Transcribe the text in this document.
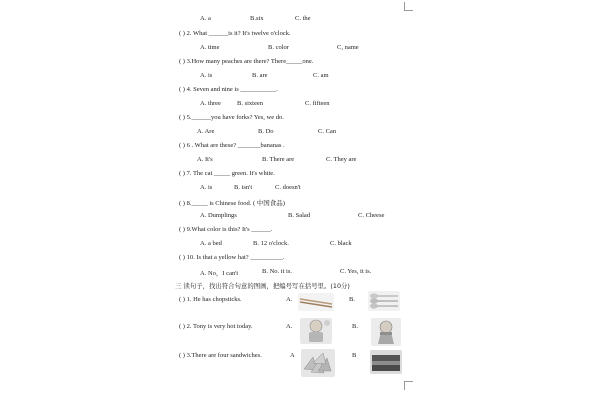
A. a	B.six	C. the
( ) 2. What ______is it? It's twelve o'clock.
A. time	B. color	C, name
( ) 3.How many peaches are there? There_____one.
A. is	B. are	C. am
( ) 4. Seven and nine is ___________.
A. three B. sixteen	C. fifteen
( ) 5.______you have forks? Yes, we do.
A. Are	B. Do	C. Can
( ) 6 . What are these? _______bananas .
A. It's	B. There are	C. They are
( ) 7. The cat _____ green. It's white.
A. is	B. isn't	C. doesn't
( ) 8._____ is Chinese food. ( 中国食品)
A. Dumplings	B. Salad	C. Cheese
( ) 9.What color is this? It's ______.
A. a bed	B. 12 o'clock.	C. black
( ) 10. Is that a yellow hat? __________.
A. No，I can't	B. No. it is.	C. Yes, it is.
三 读句子，找出符合句意的图画，把编号写在括号里。(10分)
( ) 1. He has chopsticks.	A.	B.
( ) 2. Tony is very hot today.	A.	B.
( ) 3.There are four sandwiches.	A	B
